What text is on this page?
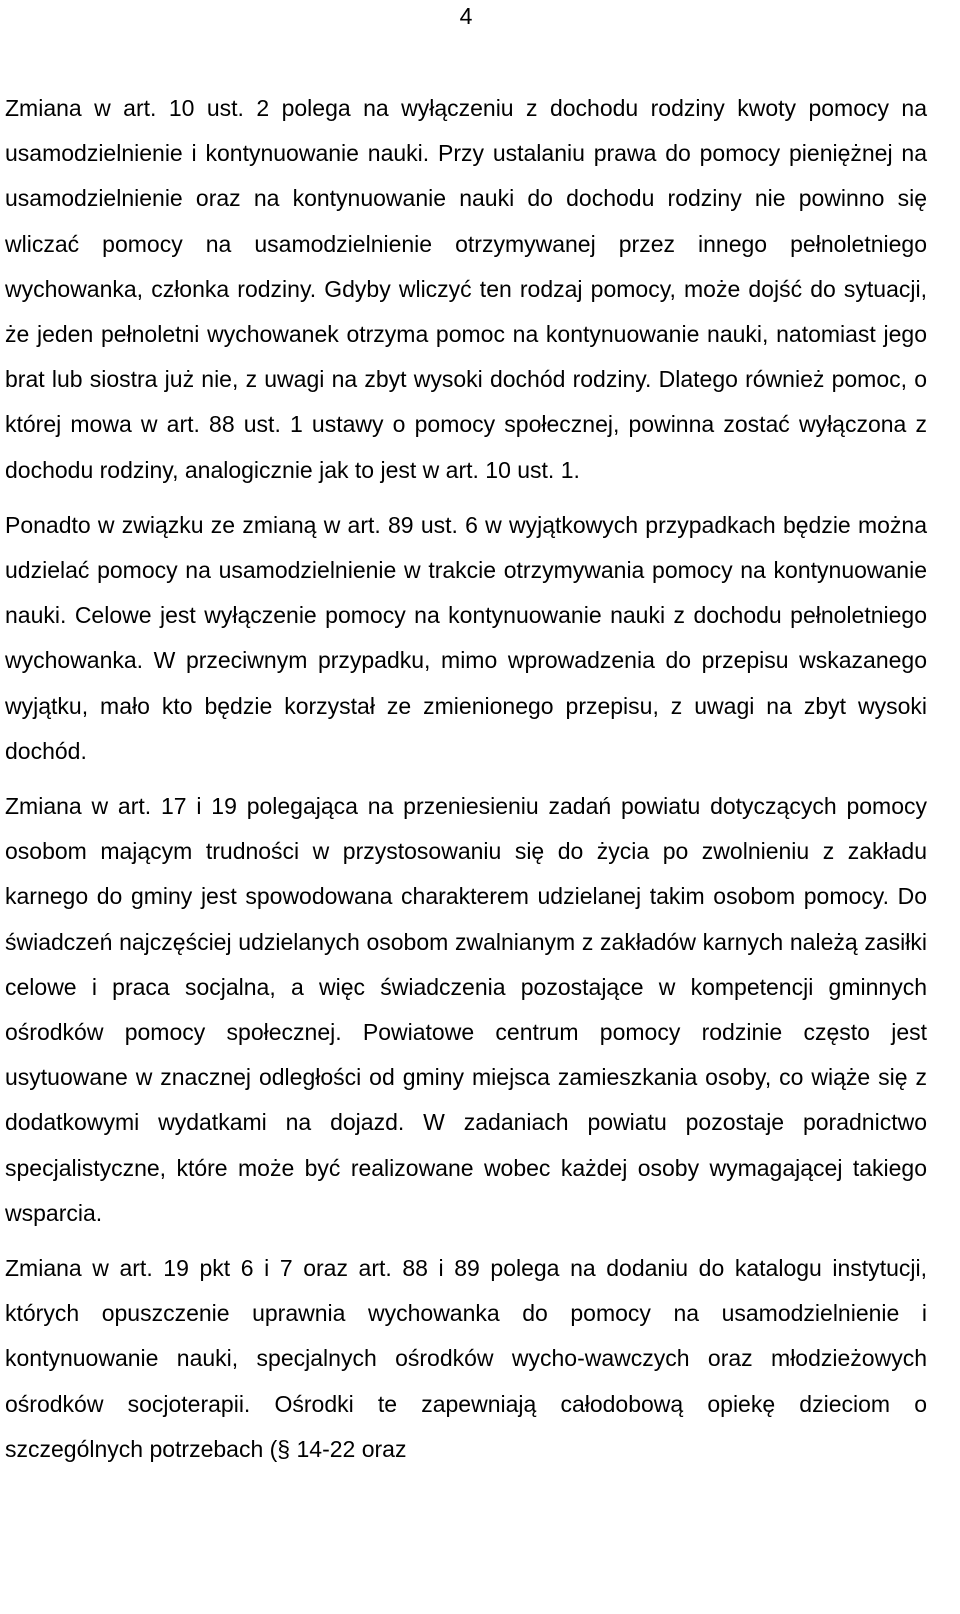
4

Zmiana w art. 10 ust. 2 polega na wyłączeniu z dochodu rodziny kwoty pomocy na usamodzielnienie i kontynuowanie nauki. Przy ustalaniu prawa do pomocy pieniężnej na usamodzielnienie oraz na kontynuowanie nauki do dochodu rodziny nie powinno się wliczać pomocy na usamodzielnienie otrzymywanej przez innego pełnoletniego wychowanka, członka rodziny. Gdyby wliczyć ten rodzaj pomocy, może dojść do sytuacji, że jeden pełnoletni wychowanek otrzyma pomoc na kontynuowanie nauki, natomiast jego brat lub siostra już nie, z uwagi na zbyt wysoki dochód rodziny. Dlatego również pomoc, o której mowa w art. 88 ust. 1 ustawy o pomocy społecznej, powinna zostać wyłączona z dochodu rodziny, analogicznie jak to jest w art. 10 ust. 1.

Ponadto w związku ze zmianą w art. 89 ust. 6 w wyjątkowych przypadkach będzie można udzielać pomocy na usamodzielnienie w trakcie otrzymywania pomocy na kontynuowanie nauki. Celowe jest wyłączenie pomocy na kontynuowanie nauki z dochodu pełnoletniego wychowanka. W przeciwnym przypadku, mimo wprowadzenia do przepisu wskazanego wyjątku, mało kto będzie korzystał ze zmienionego przepisu, z uwagi na zbyt wysoki dochód.

Zmiana w art. 17 i 19 polegająca na przeniesieniu zadań powiatu dotyczących pomocy osobom mającym trudności w przystosowaniu się do życia po zwolnieniu z zakładu karnego do gminy jest spowodowana charakterem udzielanej takim osobom pomocy. Do świadczeń najczęściej udzielanych osobom zwalnianym z zakładów karnych należą zasiłki celowe i praca socjalna, a więc świadczenia pozostające w kompetencji gminnych ośrodków pomocy społecznej. Powiatowe centrum pomocy rodzinie często jest usytuowane w znacznej odległości od gminy miejsca zamieszkania osoby, co wiąże się z dodatkowymi wydatkami na dojazd. W zadaniach powiatu pozostaje poradnictwo specjalistyczne, które może być realizowane wobec każdej osoby wymagającej takiego wsparcia.

Zmiana w art. 19 pkt 6 i 7 oraz art. 88 i 89 polega na dodaniu do katalogu instytucji, których opuszczenie uprawnia wychowanka do pomocy na usamodzielnienie i kontynuowanie nauki, specjalnych ośrodków wycho-wawczych oraz młodzieżowych ośrodków socjoterapii. Ośrodki te zapewniają całodobową opiekę dzieciom o szczególnych potrzebach (§ 14-22 oraz
